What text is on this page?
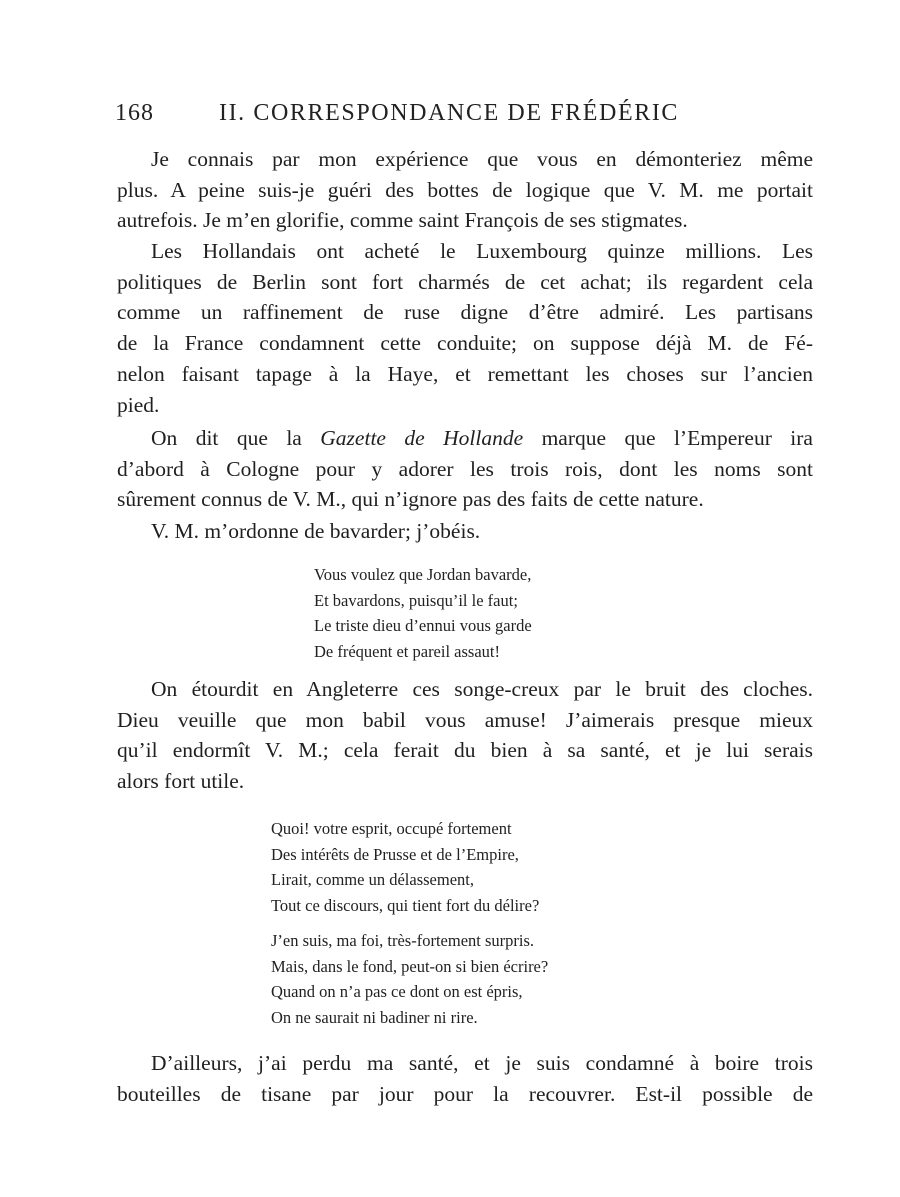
168	II. CORRESPONDANCE DE FRÉDÉRIC
Je connais par mon expérience que vous en démonteriez même
plus. A peine suis-je guéri des bottes de logique que V. M. me portait
autrefois. Je m’en glorifie, comme saint François de ses stigmates.
Les Hollandais ont acheté le Luxembourg quinze millions. Les
politiques de Berlin sont fort charmés de cet achat; ils regardent cela
comme un raffinement de ruse digne d’être admiré. Les partisans
de la France condamnent cette conduite; on suppose déjà M. de Fé-
nelon faisant tapage à la Haye, et remettant les choses sur l’ancien
pied.
On dit que la Gazette de Hollande marque que l’Empereur ira
d’abord à Cologne pour y adorer les trois rois, dont les noms sont
sûrement connus de V. M., qui n’ignore pas des faits de cette nature.
V. M. m’ordonne de bavarder; j’obéis.
Vous voulez que Jordan bavarde,
Et bavardons, puisqu’il le faut;
Le triste dieu d’ennui vous garde
De fréquent et pareil assaut!
On étourdit en Angleterre ces songe-creux par le bruit des cloches.
Dieu veuille que mon babil vous amuse! J’aimerais presque mieux
qu’il endormît V. M.; cela ferait du bien à sa santé, et je lui serais
alors fort utile.
Quoi! votre esprit, occupé fortement
Des intérêts de Prusse et de l’Empire,
Lirait, comme un délassement,
Tout ce discours, qui tient fort du délire?
J’en suis, ma foi, très-fortement surpris.
Mais, dans le fond, peut-on si bien écrire?
Quand on n’a pas ce dont on est épris,
On ne saurait ni badiner ni rire.
D’ailleurs, j’ai perdu ma santé, et je suis condamné à boire trois
bouteilles de tisane par jour pour la recouvrer. Est-il possible de
